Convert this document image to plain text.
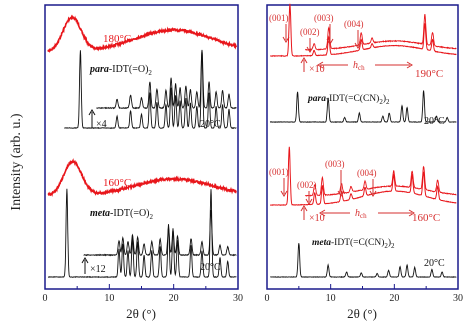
Intensity (arb. u.)
0	10	20	30
180°C
para-$IDT(=O)_2$
×4	20°C
160°C
meta-$IDT(=O)_2$
×12	20°C
2θ (°)
0	10	20	30
(001)
(002)
(003)
(004)
×10	$h_{ch}$	190°C
para-$IDT(=C(CN)_2)_2$
20°C
(001)
(002)
(003)
(004)
×10	$h_{ch}$	160°C
meta-$IDT(=C(CN)_2)_2$
20°C
2θ (°)
